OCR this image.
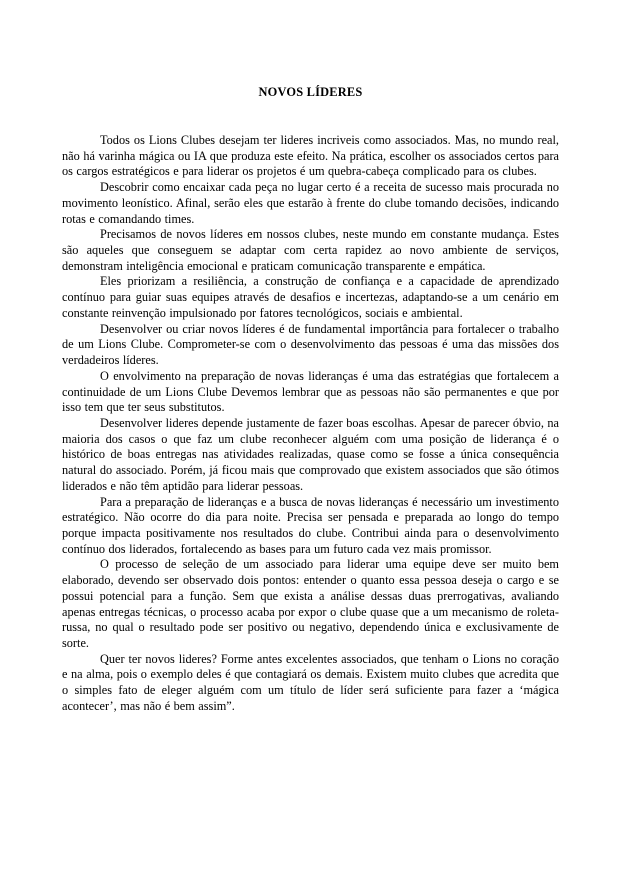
NOVOS LÍDERES

Todos os Lions Clubes desejam ter lideres incriveis como associados. Mas, no mundo real, não há varinha mágica ou IA que produza este efeito. Na prática, escolher os associados certos para os cargos estratégicos e para liderar os projetos é um quebra-cabeça complicado para os clubes.

Descobrir como encaixar cada peça no lugar certo é a receita de sucesso mais procurada no movimento leonístico. Afinal, serão eles que estarão à frente do clube tomando decisões, indicando rotas e comandando times.

Precisamos de novos líderes em nossos clubes, neste mundo em constante mudança. Estes são aqueles que conseguem se adaptar com certa rapidez ao novo ambiente de serviços, demonstram inteligência emocional e praticam comunicação transparente e empática.

Eles priorizam a resiliência, a construção de confiança e a capacidade de aprendizado contínuo para guiar suas equipes através de desafios e incertezas, adaptando-se a um cenário em constante reinvenção impulsionado por fatores tecnológicos, sociais e ambiental.

Desenvolver ou criar novos líderes é de fundamental importância para fortalecer o trabalho de um Lions Clube. Comprometer-se com o desenvolvimento das pessoas é uma das missões dos verdadeiros líderes.

O envolvimento na preparação de novas lideranças é uma das estratégias que fortalecem a continuidade de um Lions Clube Devemos lembrar que as pessoas não são permanentes e que por isso tem que ter seus substitutos.

Desenvolver lideres depende justamente de fazer boas escolhas. Apesar de parecer óbvio, na maioria dos casos o que faz um clube reconhecer alguém com uma posição de liderança é o histórico de boas entregas nas atividades realizadas, quase como se fosse a única consequência natural do associado. Porém, já ficou mais que comprovado que existem associados que são ótimos liderados e não têm aptidão para liderar pessoas.

Para a preparação de lideranças e a busca de novas lideranças é necessário um investimento estratégico. Não ocorre do dia para noite. Precisa ser pensada e preparada ao longo do tempo porque impacta positivamente nos resultados do clube. Contribui ainda para o desenvolvimento contínuo dos liderados, fortalecendo as bases para um futuro cada vez mais promissor.

O processo de seleção de um associado para liderar uma equipe deve ser muito bem elaborado, devendo ser observado dois pontos: entender o quanto essa pessoa deseja o cargo e se possui potencial para a função. Sem que exista a análise dessas duas prerrogativas, avaliando apenas entregas técnicas, o processo acaba por expor o clube quase que a um mecanismo de roleta-russa, no qual o resultado pode ser positivo ou negativo, dependendo única e exclusivamente de sorte.

Quer ter novos lideres? Forme antes excelentes associados, que tenham o Lions no coração e na alma, pois o exemplo deles é que contagiará os demais. Existem muito clubes que acredita que o simples fato de eleger alguém com um título de líder será suficiente para fazer a ‘mágica acontecer’, mas não é bem assim”.
